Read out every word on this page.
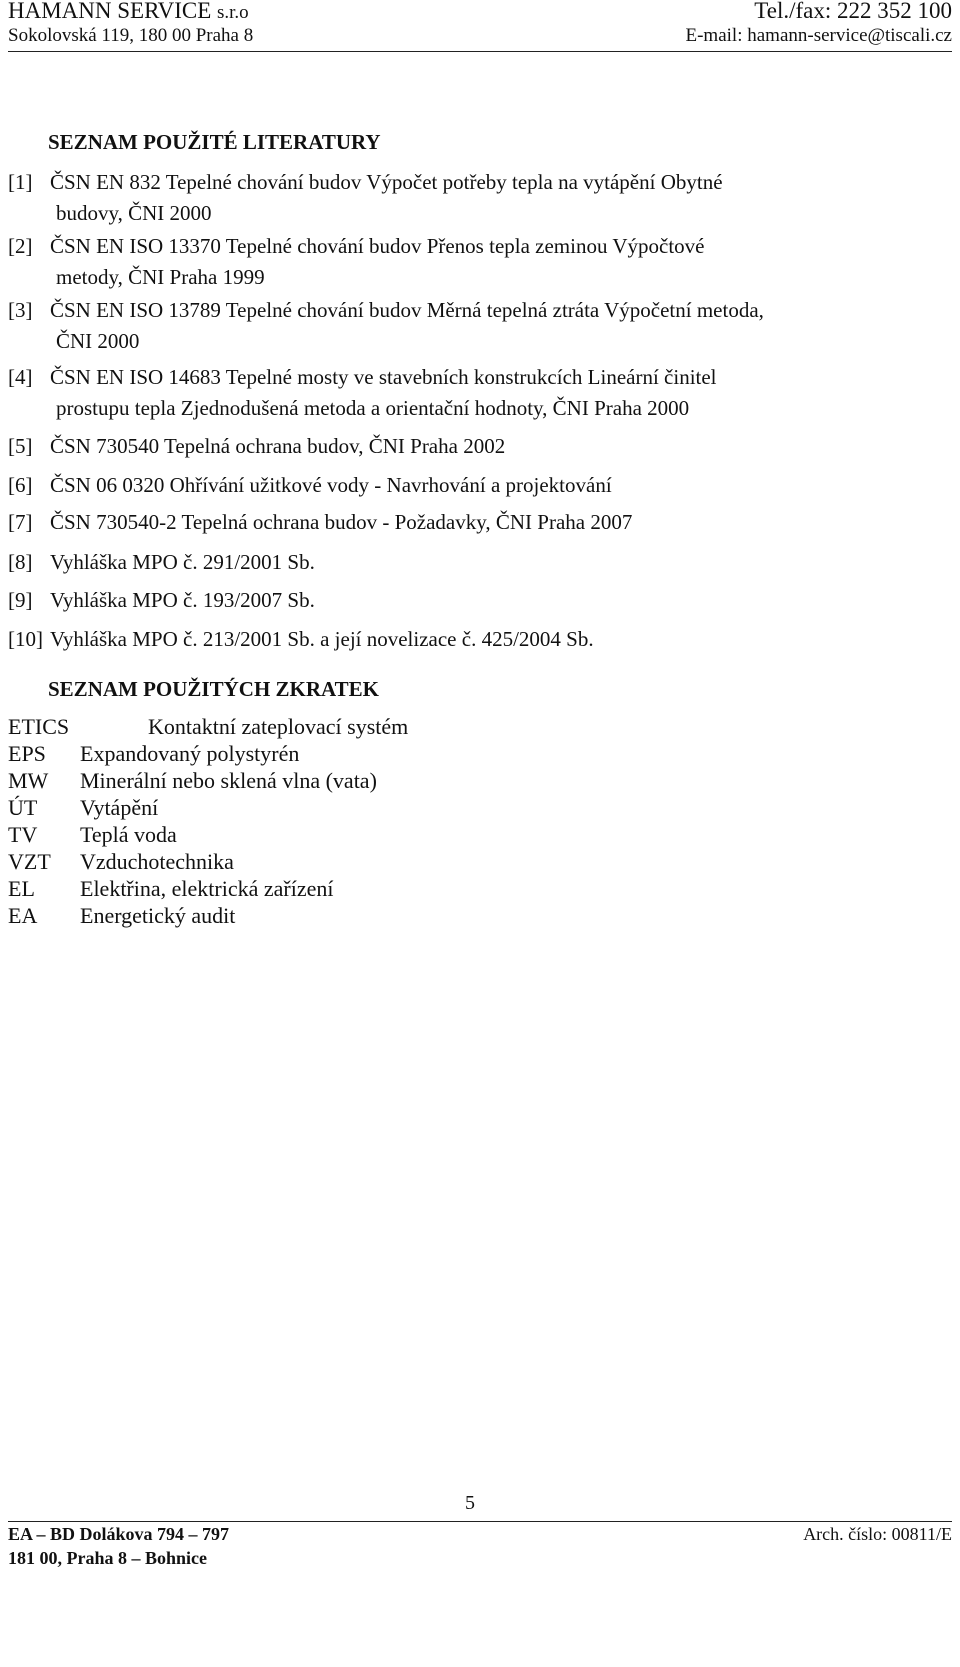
HAMANN SERVICE s.r.o
Sokolovská 119, 180 00 Praha 8
Tel./fax: 222 352 100
E-mail: hamann-service@tiscali.cz
SEZNAM POUŽITÉ LITERATURY
[1] ČSN EN 832 Tepelné chování budov Výpočet potřeby tepla na vytápění Obytné
budovy, ČNI 2000
[2] ČSN EN ISO 13370 Tepelné chování budov Přenos tepla zeminou Výpočtové
metody, ČNI Praha 1999
[3] ČSN EN ISO 13789 Tepelné chování budov Měrná tepelná ztráta Výpočetní metoda,
ČNI 2000
[4] ČSN EN ISO 14683 Tepelné mosty ve stavebních konstrukcích Lineární činitel
prostupu tepla Zjednodušená metoda a orientační hodnoty, ČNI Praha 2000
[5] ČSN 730540 Tepelná ochrana budov, ČNI Praha 2002
[6] ČSN 06 0320 Ohřívání užitkové vody - Navrhování a projektování
[7] ČSN 730540-2 Tepelná ochrana budov - Požadavky, ČNI Praha 2007
[8] Vyhláška MPO č. 291/2001 Sb.
[9] Vyhláška MPO č. 193/2007 Sb.
[10] Vyhláška MPO č. 213/2001 Sb. a její novelizace č. 425/2004 Sb.
SEZNAM POUŽITÝCH ZKRATEK
ETICS	Kontaktní zateplovací systém
EPS Expandovaný polystyrén
MW Minerální nebo sklená vlna (vata)
ÚT Vytápění
TV Teplá voda
VZT Vzduchotechnika
EL Elektřina, elektrická zařízení
EA Energetický audit
5
EA – BD Dolákova 794 – 797
181 00, Praha 8 – Bohnice
Arch. číslo: 00811/E
